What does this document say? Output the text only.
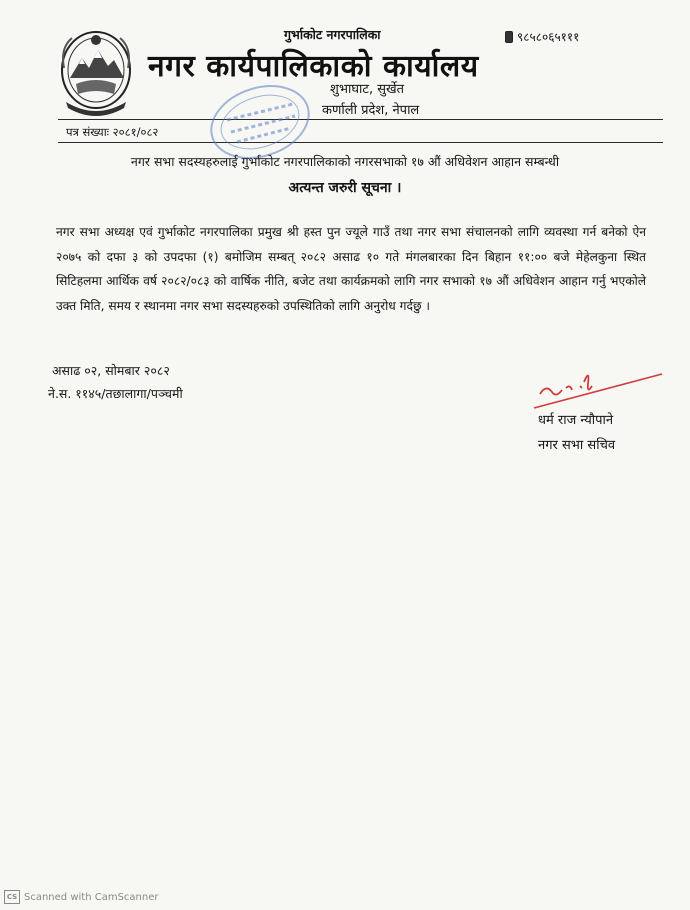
गुर्भाकोट नगरपालिका	९८५८०६५१११
नगर कार्यपालिकाको कार्यालय
शुभाघाट, सुर्खेत
कर्णाली प्रदेश, नेपाल
पत्र संख्याः २०८१/०८२
नगर सभा सदस्यहरुलाई गुर्भाकोट नगरपालिकाको नगरसभाको १७ औं अधिवेशन आहान सम्बन्धी
अत्यन्त जरुरी सूचना ।
नगर सभा अध्यक्ष एवं गुर्भाकोट नगरपालिका प्रमुख श्री हस्त पुन ज्यूले गाउँ तथा नगर सभा संचालनको लागि व्यवस्था गर्न बनेको ऐन २०७५ को दफा ३ को उपदफा (१) बमोजिम सम्बत् २०८२ असाढ १० गते मंगलबारका दिन बिहान ११:०० बजे मेहेलकुना स्थित सिटिहलमा आर्थिक वर्ष २०८२/०८३ को वार्षिक नीति, बजेट तथा कार्यक्रमको लागि नगर सभाको १७ औं अधिवेशन आहान गर्नु भएकोले उक्त मिति, समय र स्थानमा नगर सभा सदस्यहरुको उपस्थितिको लागि अनुरोध गर्दछु ।
असाढ ०२, सोमबार २०८२
ने.स. ११४५/तछालागा/पञ्चमी
धर्म राज न्यौपाने
नगर सभा सचिव
CS Scanned with CamScanner
